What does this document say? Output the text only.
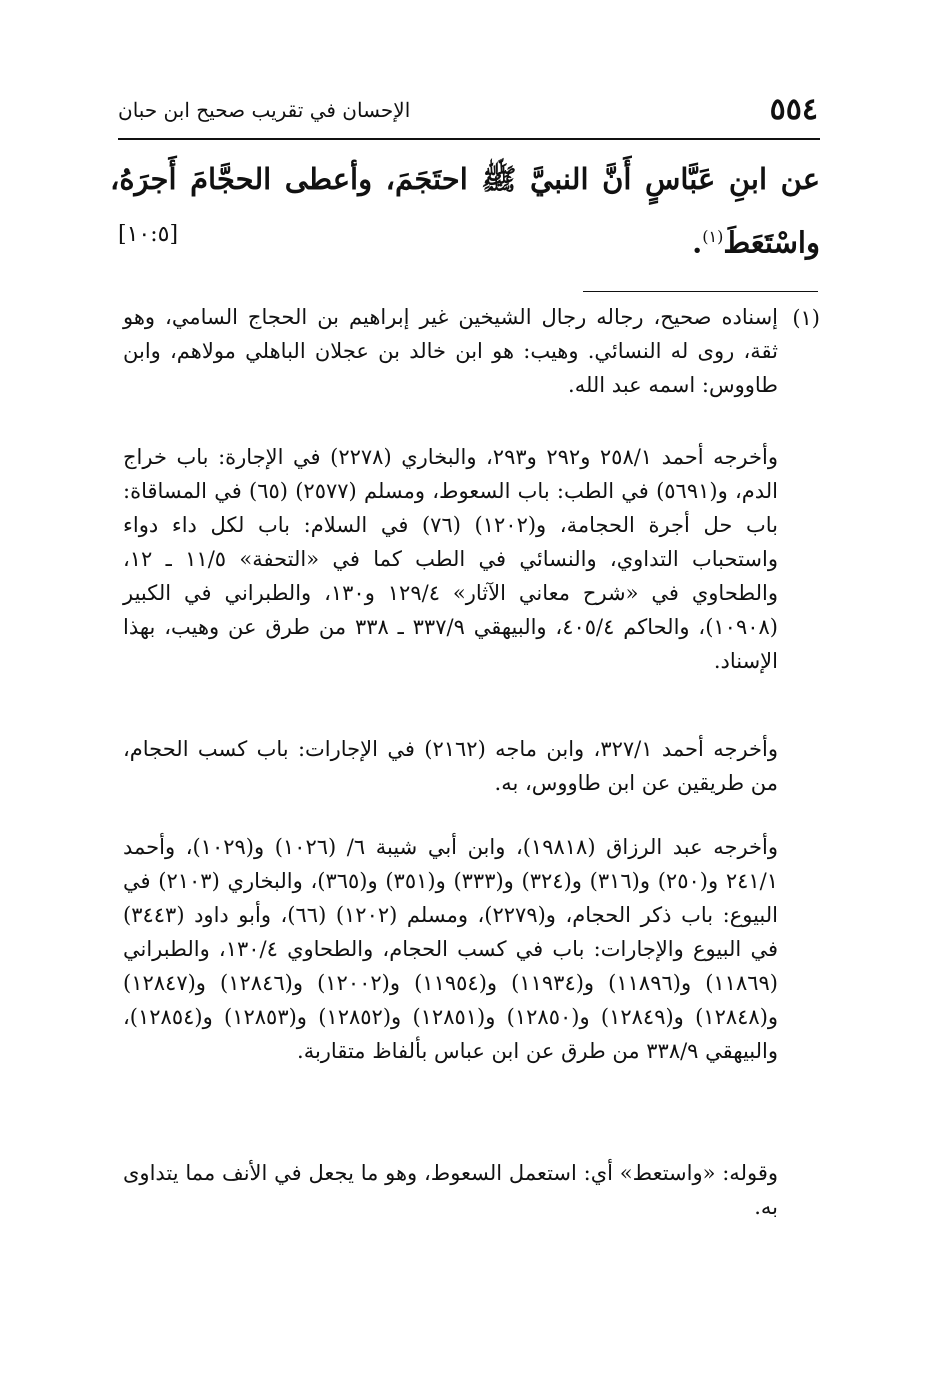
٥٥٤
الإحسان في تقريب صحيح ابن حبان
عن ابنِ عَبَّاسٍ أَنَّ النبيَّ ﷺ احتَجَمَ، وأعطى الحجَّامَ أَجرَهُ، واسْتَعَطَ$^{(١)}$.
[١٠:٥]
(١)

إسناده صحيح، رجاله رجال الشيخين غير إبراهيم بن الحجاج السامي، وهو ثقة، روى له النسائي. وهيب: هو ابن خالد بن عجلان الباهلي مولاهم، وابن طاووس: اسمه عبد الله.

وأخرجه أحمد ٢٥٨/١ و٢٩٢ و٢٩٣، والبخاري (٢٢٧٨) في الإجارة: باب خراج الدم، و(٥٦٩١) في الطب: باب السعوط، ومسلم (٢٥٧٧) (٦٥) في المساقاة: باب حل أجرة الحجامة، و(١٢٠٢) (٧٦) في السلام: باب لكل داء دواء واستحباب التداوي، والنسائي في الطب كما في «التحفة» ١١/٥ ـ ١٢، والطحاوي في «شرح معاني الآثار» ١٢٩/٤ و١٣٠، والطبراني في الكبير (١٠٩٠٨)، والحاكم ٤٠٥/٤، والبيهقي ٣٣٧/٩ ـ ٣٣٨ من طرق عن وهيب، بهذا الإسناد.

وأخرجه أحمد ٣٢٧/١، وابن ماجه (٢١٦٢) في الإجارات: باب كسب الحجام، من طريقين عن ابن طاووس، به.

وأخرجه عبد الرزاق (١٩٨١٨)، وابن أبي شيبة ٦/ (١٠٢٦) و(١٠٢٩)، وأحمد ٢٤١/١ و(٢٥٠) و(٣١٦) و(٣٢٤) و(٣٣٣) و(٣٥١) و(٣٦٥)، والبخاري (٢١٠٣) في البيوع: باب ذكر الحجام، و(٢٢٧٩)، ومسلم (١٢٠٢) (٦٦)، وأبو داود (٣٤٤٣) في البيوع والإجارات: باب في كسب الحجام، والطحاوي ١٣٠/٤، والطبراني (١١٨٦٩) و(١١٨٩٦) و(١١٩٣٤) و(١١٩٥٤) و(١٢٠٠٢) و(١٢٨٤٦) و(١٢٨٤٧) و(١٢٨٤٨) و(١٢٨٤٩) و(١٢٨٥٠) و(١٢٨٥١) و(١٢٨٥٢) و(١٢٨٥٣) و(١٢٨٥٤)، والبيهقي ٣٣٨/٩ من طرق عن ابن عباس بألفاظ متقاربة.

وقوله: «واستعط» أي: استعمل السعوط، وهو ما يجعل في الأنف مما يتداوى به.
